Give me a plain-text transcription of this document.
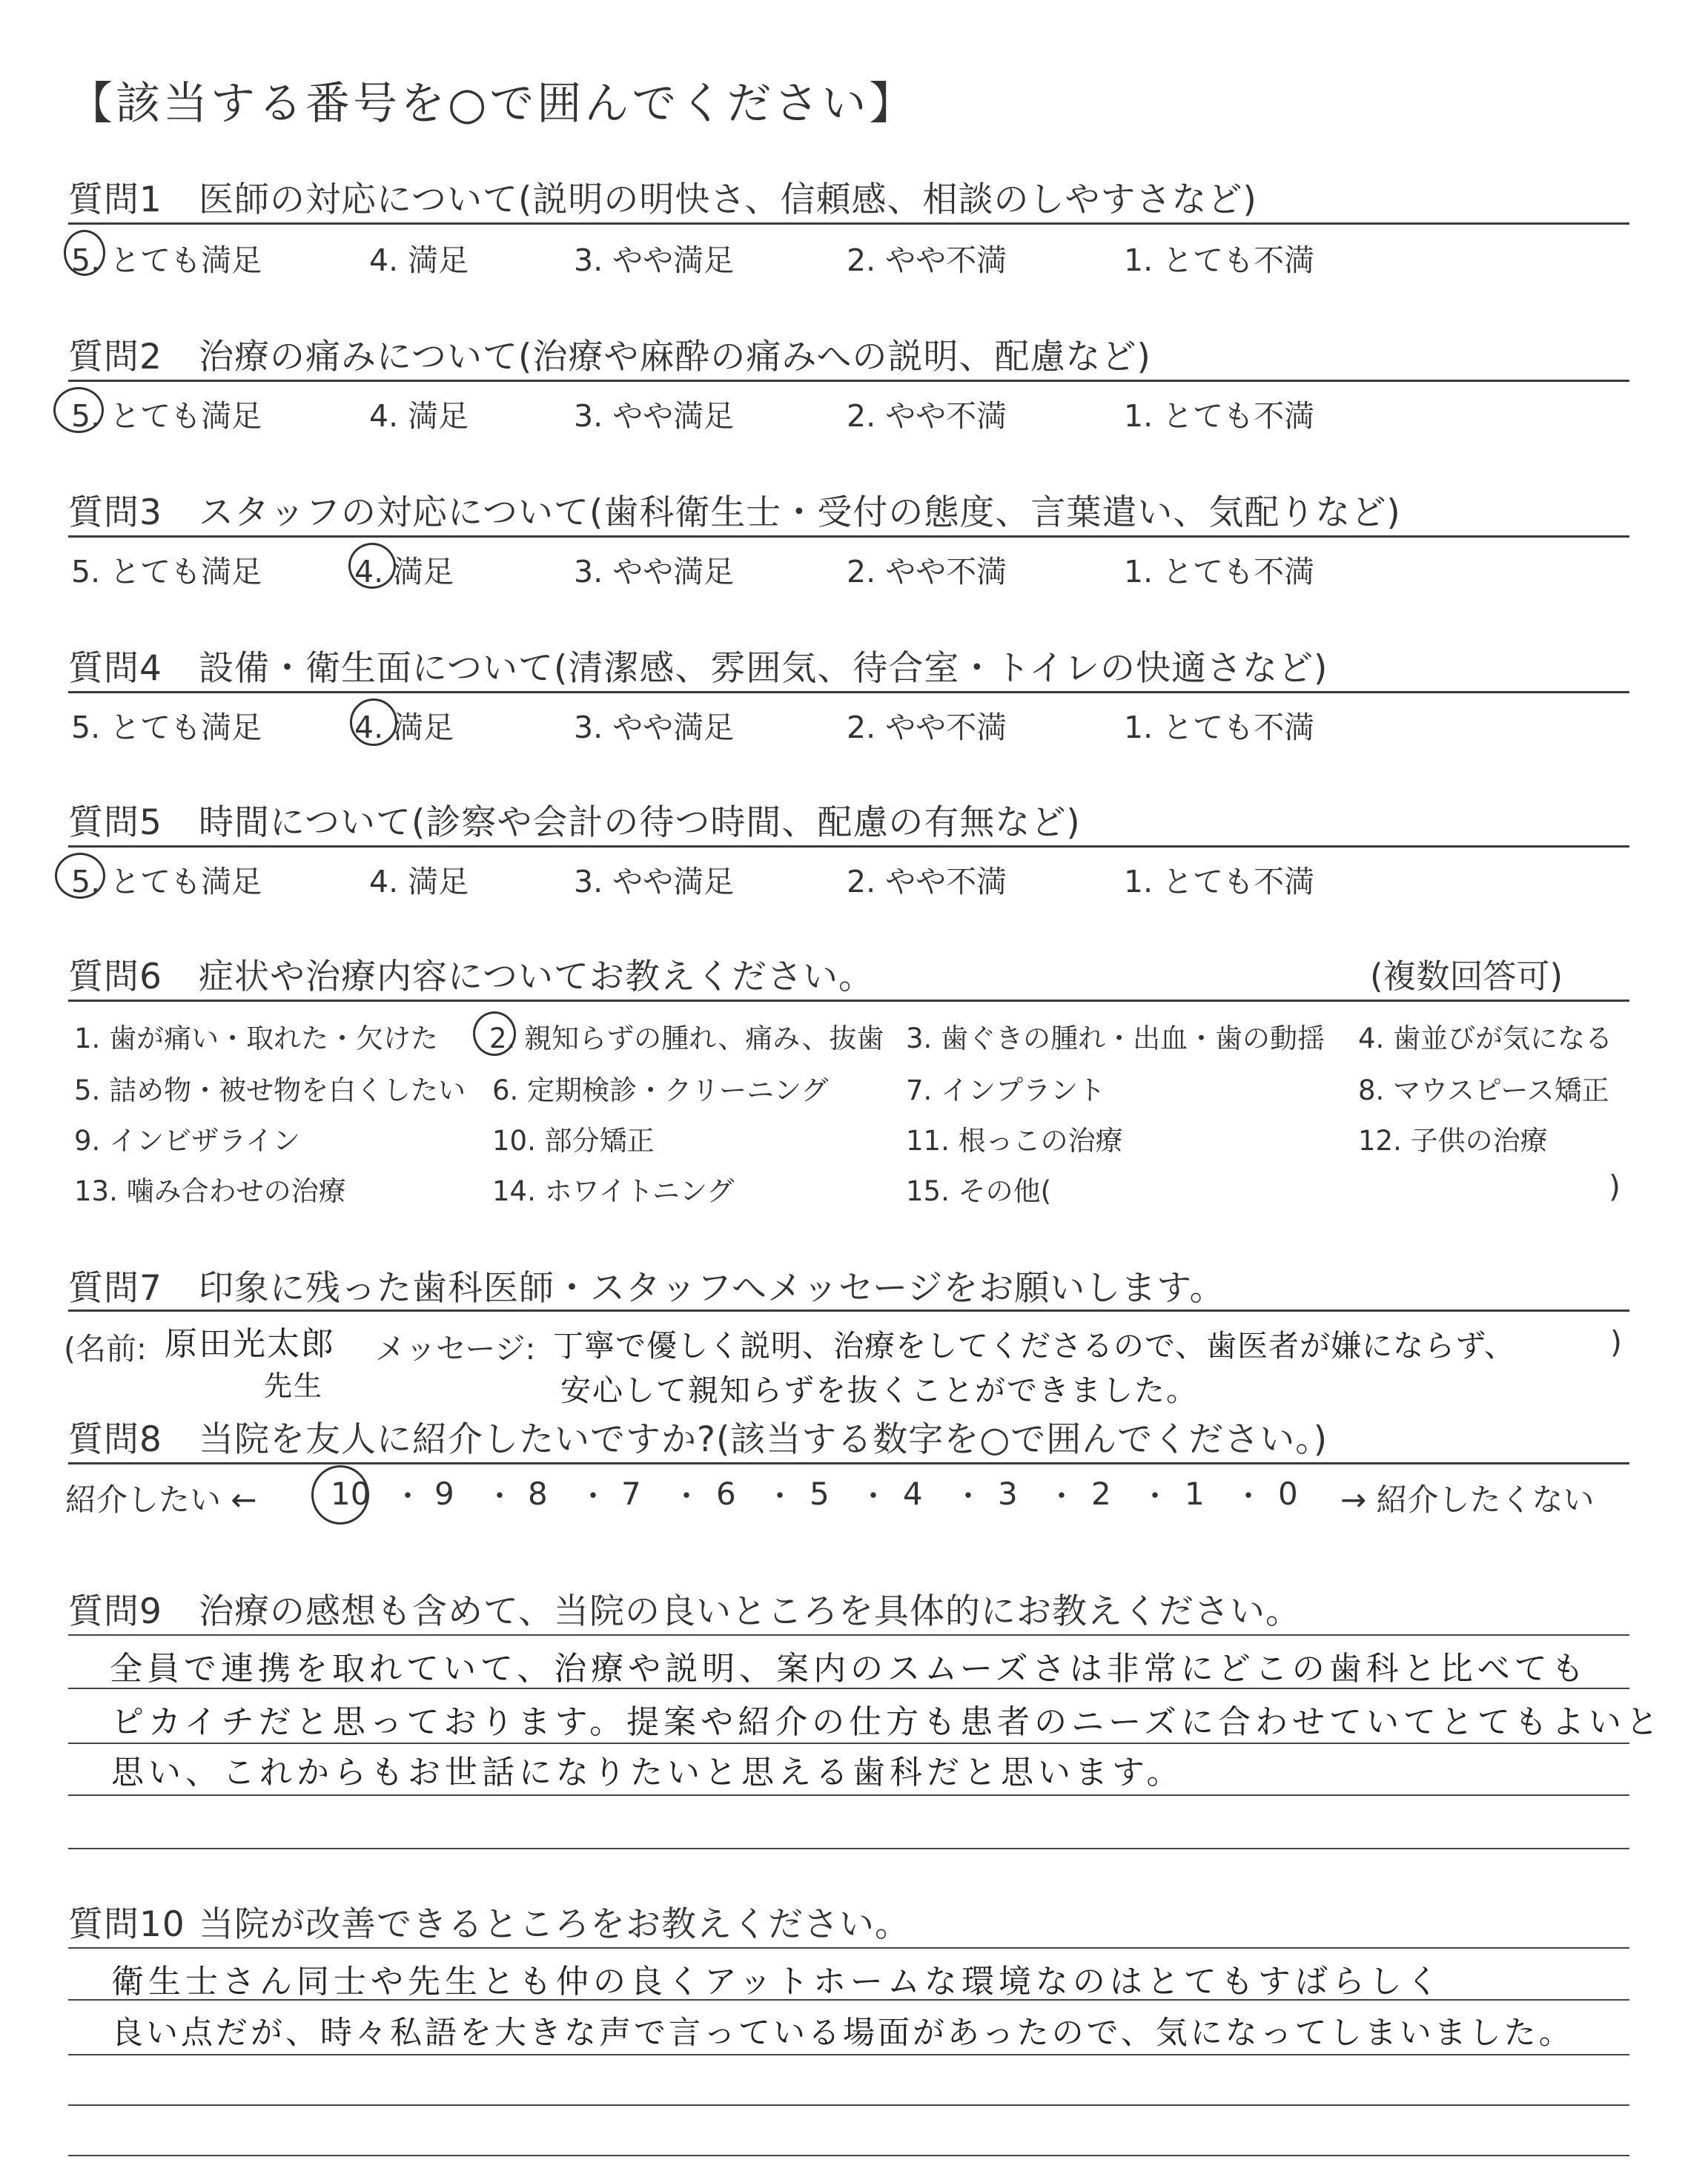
【該当する番号を○で囲んでください】
質問1 医師の対応について(説明の明快さ、信頼感、相談のしやすさなど)
5. とても満足	4. 満足	3. やや満足	2. やや不満	1. とても不満
質問2 治療の痛みについて(治療や麻酔の痛みへの説明、配慮など)
5. とても満足	4. 満足	3. やや満足	2. やや不満	1. とても不満
質問3 スタッフの対応について(歯科衛生士・受付の態度、言葉遣い、気配りなど)
5. とても満足	4. 満足	3. やや満足	2. やや不満	1. とても不満
質問4 設備・衛生面について(清潔感、雰囲気、待合室・トイレの快適さなど)
5. とても満足	4. 満足	3. やや満足	2. やや不満	1. とても不満
質問5 時間について(診察や会計の待つ時間、配慮の有無など)
5. とても満足	4. 満足	3. やや満足	2. やや不満	1. とても不満
質問6 症状や治療内容についてお教えください。	(複数回答可)
1. 歯が痛い・取れた・欠けた 2. 親知らずの腫れ、痛み、抜歯 3. 歯ぐきの腫れ・出血・歯の動揺 4. 歯並びが気になる
5. 詰め物・被せ物を白くしたい 6. 定期検診・クリーニング	7. インプラント	8. マウスピース矯正
9. インビザライン	10. 部分矯正	11. 根っこの治療	12. 子供の治療
13. 噛み合わせの治療	14. ホワイトニング	15. その他(	)
質問7 印象に残った歯科医師・スタッフへメッセージをお願いします。
(名前: 原田光太郎
先生
メッセージ: 丁寧で優しく説明、治療をしてくださるので、歯医者が嫌にならず、
安心して親知らずを抜くことができました。
)
質問8 当院を友人に紹介したいですか?(該当する数字を○で囲んでください。)
紹介したい ← 10 ・ 9 ・ 8 ・ 7 ・ 6 ・ 5 ・ 4 ・ 3 ・ 2 ・ 1 ・ 0 → 紹介したくない
質問9 治療の感想も含めて、当院の良いところを具体的にお教えください。
全員で連携を取れていて、治療や説明、案内のスムーズさは非常にどこの歯科と比べても
ピカイチだと思っております。提案や紹介の仕方も患者のニーズに合わせていてとてもよいと
思い、これからもお世話になりたいと思える歯科だと思います。
質問10 当院が改善できるところをお教えください。
衛生士さん同士や先生とも仲の良くアットホームな環境なのはとてもすばらしく
良い点だが、時々私語を大きな声で言っている場面があったので、気になってしまいました。
